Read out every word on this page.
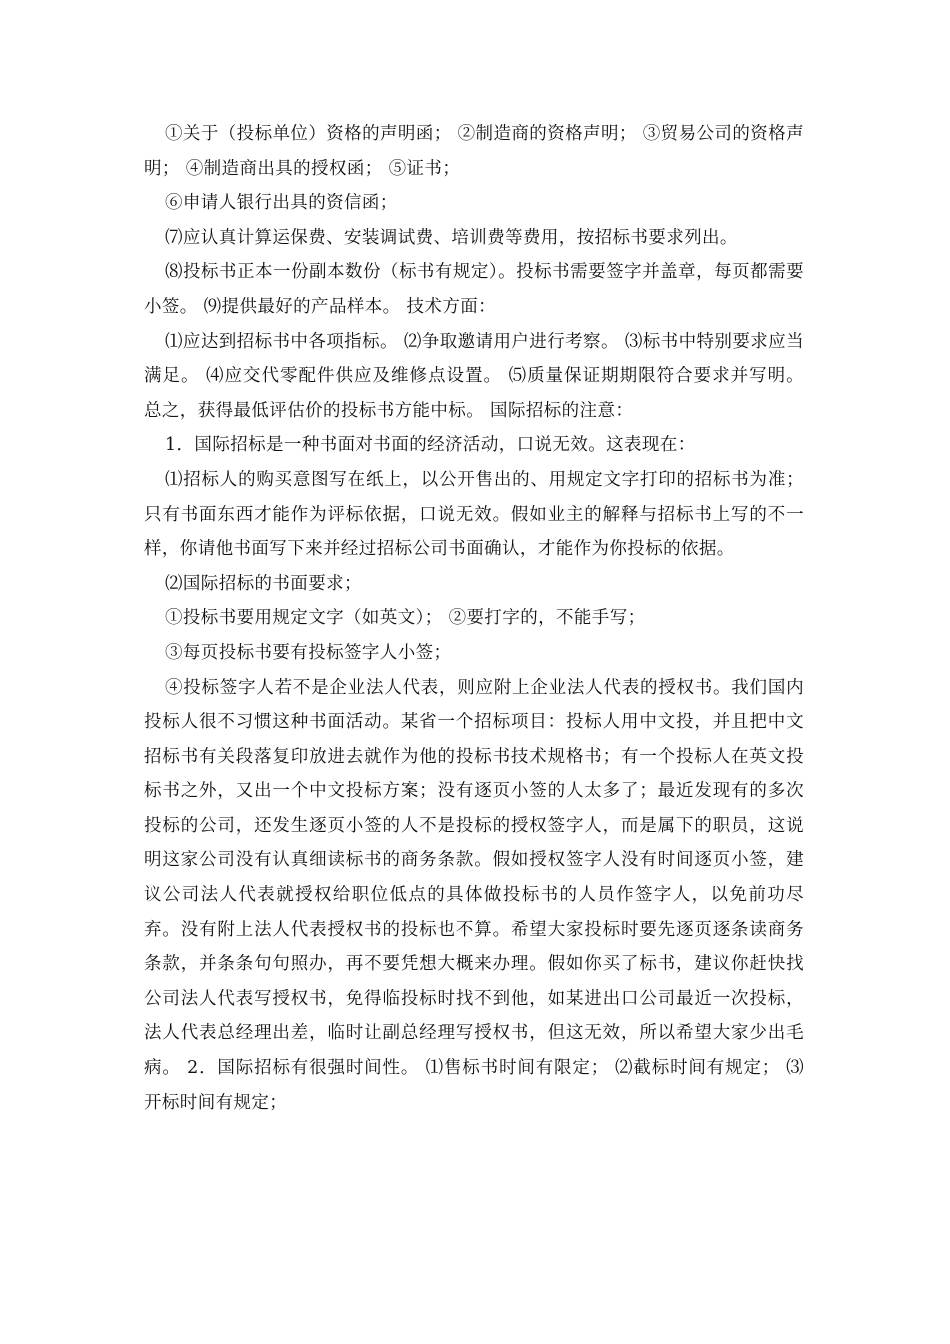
①关于（投标单位）资格的声明函； ②制造商的资格声明； ③贸易公司的资格声明； ④制造商出具的授权函； ⑤证书；

⑥申请人银行出具的资信函；

⑺应认真计算运保费、安装调试费、培训费等费用，按招标书要求列出。

⑻投标书正本一份副本数份（标书有规定）。投标书需要签字并盖章，每页都需要小签。 ⑼提供最好的产品样本。 技术方面：

⑴应达到招标书中各项指标。 ⑵争取邀请用户进行考察。 ⑶标书中特别要求应当满足。 ⑷应交代零配件供应及维修点设置。 ⑸质量保证期期限符合要求并写明。 总之，获得最低评估价的投标书方能中标。 国际招标的注意：

1．国际招标是一种书面对书面的经济活动，口说无效。这表现在：

⑴招标人的购买意图写在纸上，以公开售出的、用规定文字打印的招标书为准；只有书面东西才能作为评标依据，口说无效。假如业主的解释与招标书上写的不一样，你请他书面写下来并经过招标公司书面确认，才能作为你投标的依据。

⑵国际招标的书面要求；

①投标书要用规定文字（如英文）； ②要打字的，不能手写；

③每页投标书要有投标签字人小签；

④投标签字人若不是企业法人代表，则应附上企业法人代表的授权书。我们国内投标人很不习惯这种书面活动。某省一个招标项目：投标人用中文投，并且把中文招标书有关段落复印放进去就作为他的投标书技术规格书；有一个投标人在英文投标书之外，又出一个中文投标方案；没有逐页小签的人太多了；最近发现有的多次投标的公司，还发生逐页小签的人不是投标的授权签字人，而是属下的职员，这说明这家公司没有认真细读标书的商务条款。假如授权签字人没有时间逐页小签，建议公司法人代表就授权给职位低点的具体做投标书的人员作签字人，以免前功尽弃。没有附上法人代表授权书的投标也不算。希望大家投标时要先逐页逐条读商务条款，并条条句句照办，再不要凭想大概来办理。假如你买了标书，建议你赶快找公司法人代表写授权书，免得临投标时找不到他，如某进出口公司最近一次投标，法人代表总经理出差，临时让副总经理写授权书，但这无效，所以希望大家少出毛病。 2．国际招标有很强时间性。 ⑴售标书时间有限定； ⑵截标时间有规定； ⑶开标时间有规定；
